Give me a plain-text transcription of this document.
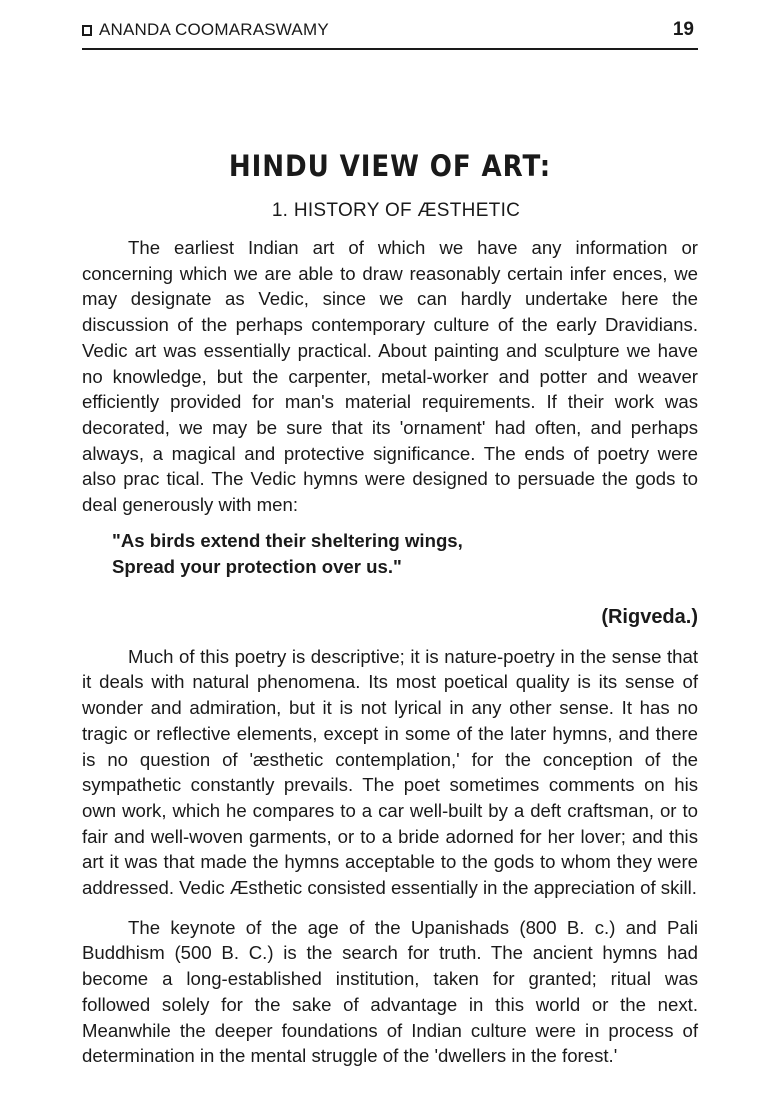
ANANDA COOMARASWAMY	19
HINDU VIEW OF ART:
1. HISTORY OF ÆSTHETIC

The earliest Indian art of which we have any information or concerning which we are able to draw reasonably certain infer ences, we may designate as Vedic, since we can hardly undertake here the discussion of the perhaps contemporary culture of the early Dravidians. Vedic art was essentially practical. About painting and sculpture we have no knowledge, but the carpenter, metal-worker and potter and weaver efficiently provided for man's material requirements. If their work was decorated, we may be sure that its 'ornament' had often, and perhaps always, a magical and protective significance. The ends of poetry were also prac tical. The Vedic hymns were designed to persuade the gods to deal generously with men:

"As birds extend their sheltering wings,
Spread your protection over us."
(Rigveda.)

Much of this poetry is descriptive; it is nature-poetry in the sense that it deals with natural phenomena. Its most poetical quality is its sense of wonder and admiration, but it is not lyrical in any other sense. It has no tragic or reflective elements, except in some of the later hymns, and there is no question of 'æsthetic contemplation,' for the conception of the sympathetic constantly prevails. The poet sometimes comments on his own work, which he compares to a car well-built by a deft craftsman, or to fair and well-woven garments, or to a bride adorned for her lover; and this art it was that made the hymns acceptable to the gods to whom they were addressed. Vedic Æsthetic consisted essentially in the appreciation of skill.

The keynote of the age of the Upanishads (800 B. c.) and Pali Buddhism (500 B. C.) is the search for truth. The ancient hymns had become a long-established institution, taken for granted; ritual was followed solely for the sake of advantage in this world or the next. Meanwhile the deeper foundations of Indian culture were in process of determination in the mental struggle of the 'dwellers in the forest.'
